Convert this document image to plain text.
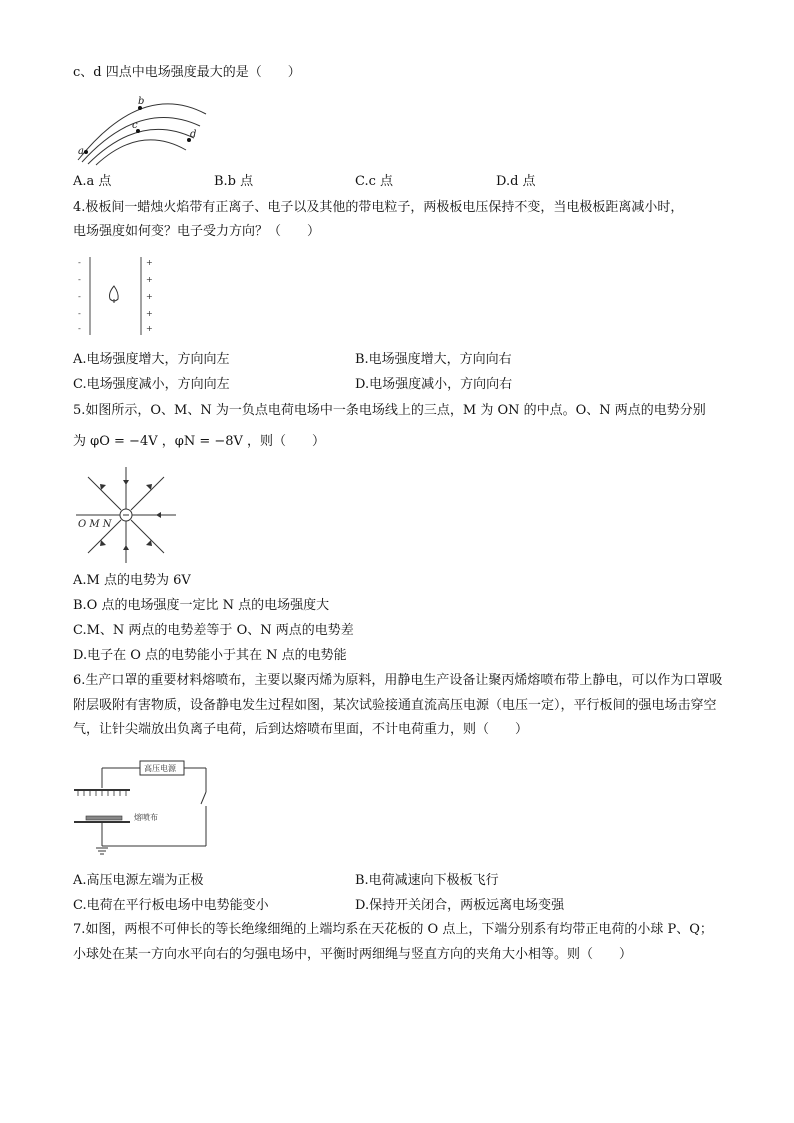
c、d 四点中电场强度最大的是（　　）
a
b
c
d
A.a 点	B.b 点	C.c 点	D.d 点
4.极板间一蜡烛火焰带有正离子、电子以及其他的带电粒子，两极板电压保持不变，当电极板距离减小时，
电场强度如何变？电子受力方向？（　　）
-
-
-
-
-
+
+
+
+
+
A.电场强度增大，方向向左	B.电场强度增大，方向向右
C.电场强度减小，方向向左	D.电场强度减小，方向向右
5.如图所示，O、M、N 为一负点电荷电场中一条电场线上的三点，M 为 ON 的中点。O、N 两点的电势分别
为 φO = −4V ，φN = −8V ，则（　　）
O M N
A.M 点的电势为 6V
B.O 点的电场强度一定比 N 点的电场强度大
C.M、N 两点的电势差等于 O、N 两点的电势差
D.电子在 O 点的电势能小于其在 N 点的电势能
6.生产口罩的重要材料熔喷布，主要以聚丙烯为原料，用静电生产设备让聚丙烯熔喷布带上静电，可以作为口罩吸附层吸附有害物质，设备静电发生过程如图，某次试验接通直流高压电源（电压一定），平行板间的强电场击穿空气，让针尖端放出负离子电荷，后到达熔喷布里面，不计电荷重力，则（　　）
高压电源
熔喷布
A.高压电源左端为正极	B.电荷减速向下极板飞行
C.电荷在平行板电场中电势能变小	D.保持开关闭合，两板远离电场变强
7.如图，两根不可伸长的等长绝缘细绳的上端均系在天花板的 O 点上，下端分别系有均带正电荷的小球 P、Q；小球处在某一方向水平向右的匀强电场中，平衡时两细绳与竖直方向的夹角大小相等。则（　　）
